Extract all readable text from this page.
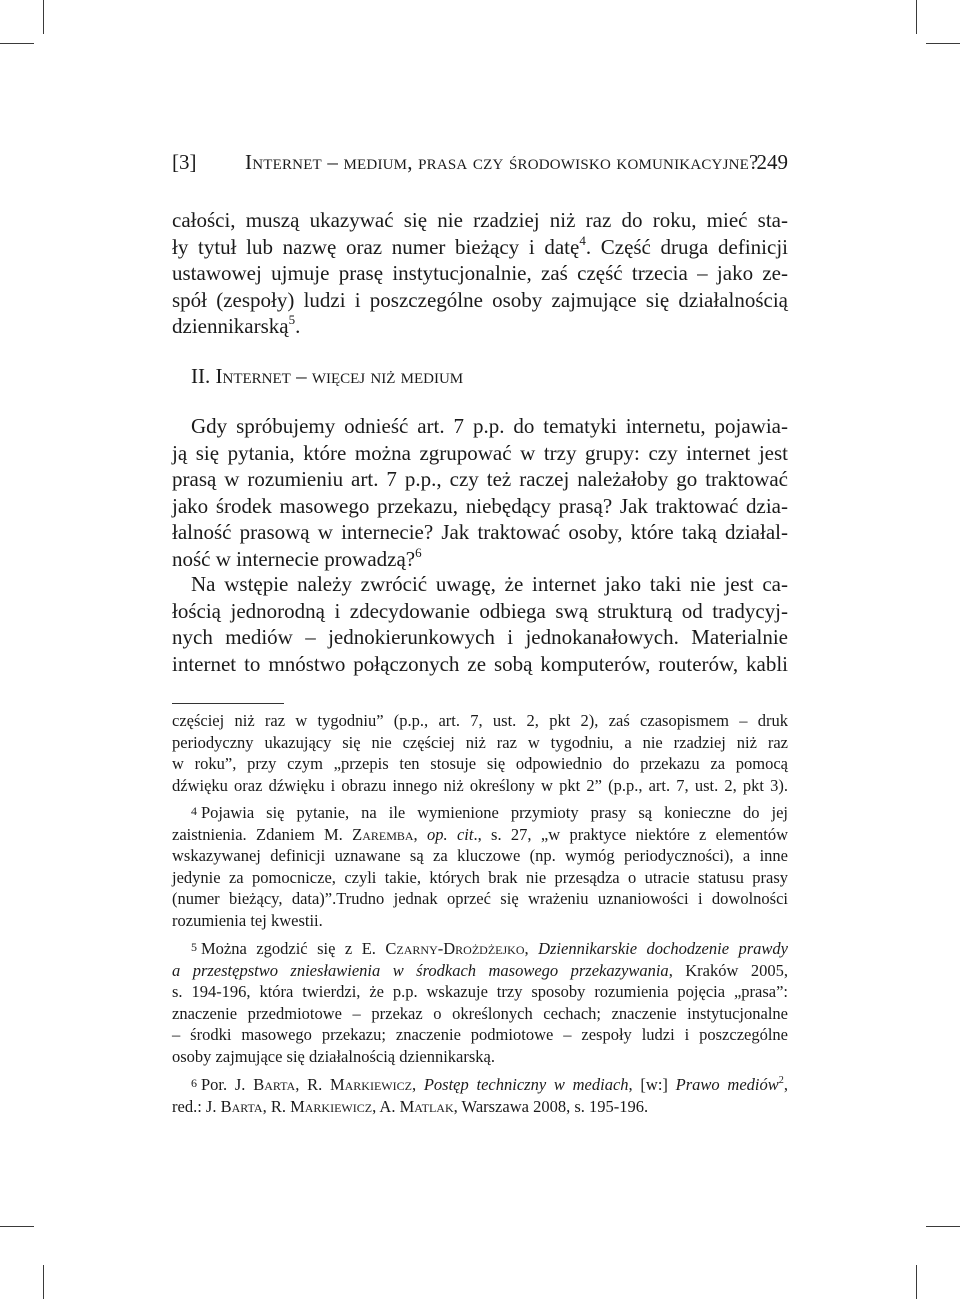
[3] Internet – medium, prasa czy środowisko komunikacyjne?
249
całości, muszą ukazywać się nie rzadziej niż raz do roku, mieć sta-
ły tytuł lub nazwę oraz numer bieżący i datę$^4$. Część druga definicji
ustawowej ujmuje prasę instytucjonalnie, zaś część trzecia – jako ze-
spół (zespoły) ludzi i poszczególne osoby zajmujące się działalnością
dziennikarską$^5$.
II. Internet – więcej niż medium
Gdy spróbujemy odnieść art. 7 p.p. do tematyki internetu, pojawia-
ją się pytania, które można zgrupować w trzy grupy: czy internet jest
prasą w rozumieniu art. 7 p.p., czy też raczej należałoby go traktować
jako środek masowego przekazu, niebędący prasą? Jak traktować dzia-
łalność prasową w internecie? Jak traktować osoby, które taką działal-
ność w internecie prowadzą?$^6$
Na wstępie należy zwrócić uwagę, że internet jako taki nie jest ca-
łością jednorodną i zdecydowanie odbiega swą strukturą od tradycyj-
nych mediów – jednokierunkowych i jednokanałowych. Materialnie
internet to mnóstwo połączonych ze sobą komputerów, routerów, kabli
częściej niż raz w tygodniu” (p.p., art. 7, ust. 2, pkt 2), zaś czasopismem – druk
periodyczny ukazujący się nie częściej niż raz w tygodniu, a nie rzadziej niż raz
w roku”, przy czym „przepis ten stosuje się odpowiednio do przekazu za pomocą
dźwięku oraz dźwięku i obrazu innego niż określony w pkt 2” (p.p., art. 7, ust. 2, pkt 3).
$^4$ Pojawia się pytanie, na ile wymienione przymioty prasy są konieczne do jej
zaistnienia. Zdaniem M. Zaremba, op. cit., s. 27, „w praktyce niektóre z elementów
wskazywanej definicji uznawane są za kluczowe (np. wymóg periodyczności), a inne
jedynie za pomocnicze, czyli takie, których brak nie przesądza o utracie statusu prasy
(numer bieżący, data)”.Trudno jednak oprzeć się wrażeniu uznaniowości i dowolności
rozumienia tej kwestii.
$^5$ Można zgodzić się z E. Czarny-Drożdżejko, Dziennikarskie dochodzenie prawdy
a przestępstwo zniesławienia w środkach masowego przekazywania, Kraków 2005,
s. 194-196, która twierdzi, że p.p. wskazuje trzy sposoby rozumienia pojęcia „prasa”:
znaczenie przedmiotowe – przekaz o określonych cechach; znaczenie instytucjonalne
– środki masowego przekazu; znaczenie podmiotowe – zespoły ludzi i poszczególne
osoby zajmujące się działalnością dziennikarską.
$^6$ Por. J. Barta, R. Markiewicz, Postęp techniczny w mediach, [w:] Prawo mediów$^2$,
red.: J. Barta, R. Markiewicz, A. Matlak, Warszawa 2008, s. 195-196.
